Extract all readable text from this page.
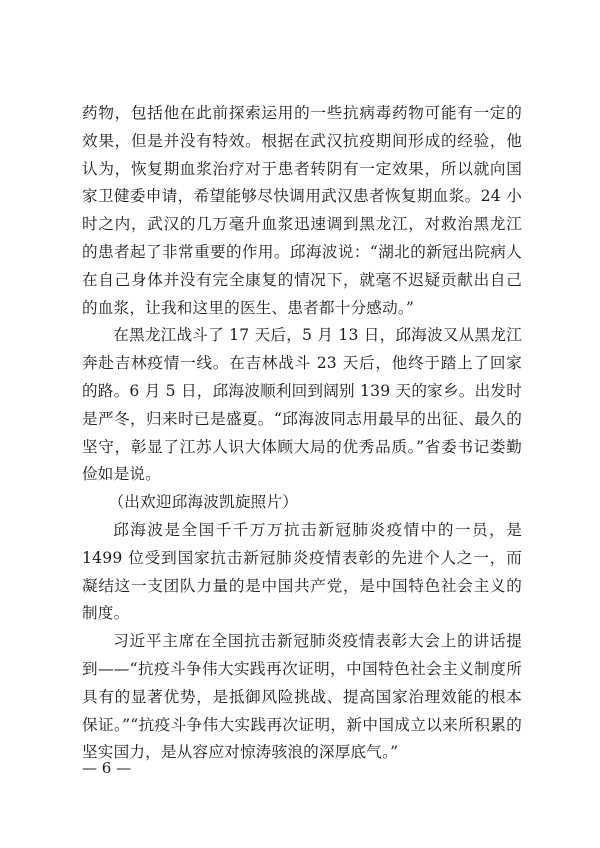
药物，包括他在此前探索运用的一些抗病毒药物可能有一定的效果，但是并没有特效。根据在武汉抗疫期间形成的经验，他认为，恢复期血浆治疗对于患者转阴有一定效果，所以就向国家卫健委申请，希望能够尽快调用武汉患者恢复期血浆。24 小时之内，武汉的几万毫升血浆迅速调到黑龙江，对救治黑龙江的患者起了非常重要的作用。邱海波说：“湖北的新冠出院病人在自己身体并没有完全康复的情况下，就毫不迟疑贡献出自己的血浆，让我和这里的医生、患者都十分感动。”

在黑龙江战斗了 17 天后，5 月 13 日，邱海波又从黑龙江奔赴吉林疫情一线。在吉林战斗 23 天后，他终于踏上了回家的路。6 月 5 日，邱海波顺利回到阔别 139 天的家乡。出发时是严冬，归来时已是盛夏。“邱海波同志用最早的出征、最久的坚守，彰显了江苏人识大体顾大局的优秀品质。”省委书记娄勤俭如是说。

（出欢迎邱海波凯旋照片）

邱海波是全国千千万万抗击新冠肺炎疫情中的一员，是1499 位受到国家抗击新冠肺炎疫情表彰的先进个人之一，而凝结这一支团队力量的是中国共产党，是中国特色社会主义的制度。

习近平主席在全国抗击新冠肺炎疫情表彰大会上的讲话提到——“抗疫斗争伟大实践再次证明，中国特色社会主义制度所具有的显著优势，是抵御风险挑战、提高国家治理效能的根本保证。”“抗疫斗争伟大实践再次证明，新中国成立以来所积累的坚实国力，是从容应对惊涛骇浪的深厚底气。”

— 6 —
